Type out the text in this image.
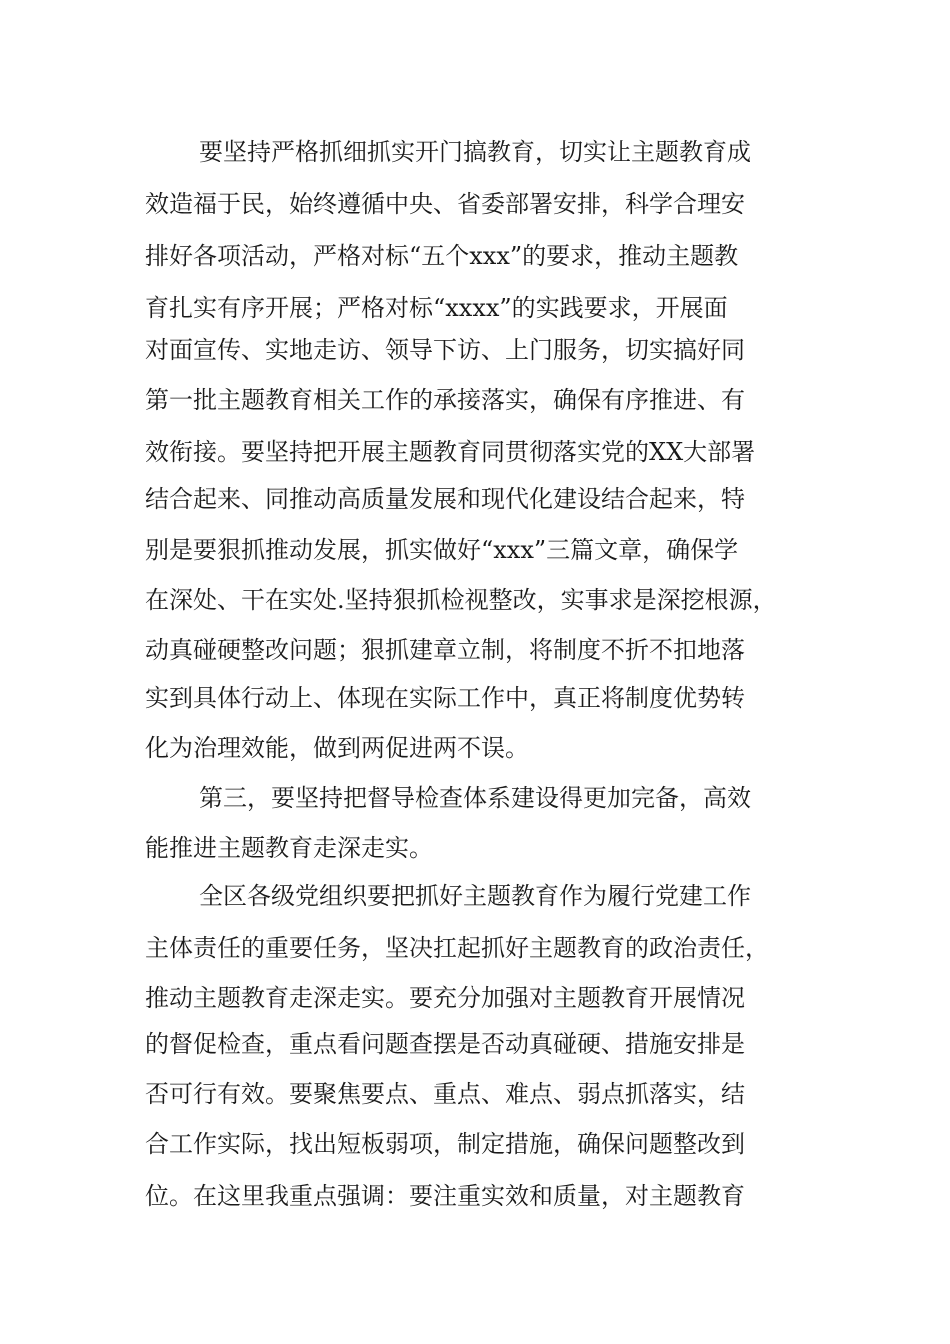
要坚持严格抓细抓实开门搞教育，切实让主题教育成
效造福于民，始终遵循中央、省委部署安排，科学合理安
排好各项活动，严格对标“五个xxx”的要求，推动主题教
育扎实有序开展；严格对标“xxxx”的实践要求，开展面
对面宣传、实地走访、领导下访、上门服务，切实搞好同
第一批主题教育相关工作的承接落实，确保有序推进、有
效衔接。要坚持把开展主题教育同贯彻落实党的XX大部署
结合起来、同推动高质量发展和现代化建设结合起来，特
别是要狠抓推动发展，抓实做好“xxx”三篇文章，确保学
在深处、干在实处.坚持狠抓检视整改，实事求是深挖根源，
动真碰硬整改问题；狠抓建章立制，将制度不折不扣地落
实到具体行动上、体现在实际工作中，真正将制度优势转
化为治理效能，做到两促进两不误。
第三，要坚持把督导检查体系建设得更加完备，高效
能推进主题教育走深走实。
全区各级党组织要把抓好主题教育作为履行党建工作
主体责任的重要任务，坚决扛起抓好主题教育的政治责任，
推动主题教育走深走实。要充分加强对主题教育开展情况
的督促检查，重点看问题查摆是否动真碰硬、措施安排是
否可行有效。要聚焦要点、重点、难点、弱点抓落实，结
合工作实际，找出短板弱项，制定措施，确保问题整改到
位。在这里我重点强调：要注重实效和质量，对主题教育
